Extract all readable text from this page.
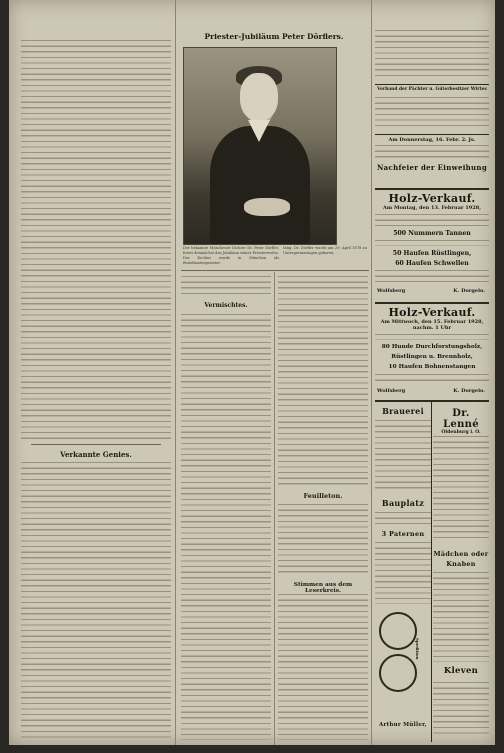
Verkannte Genies.
Priester-Jubiläum Peter Dörflers.
Der bekannte Münchener Dichter Dr. Peter Dörfler, feiert demnächst das Jubiläum seiner Priesterweihe. Der Dichter wurde in München als Benefiziatenpriester
tätig. Dr. Dörfler wurde am 29. April 1878 zu Untergermaringen geboren.
Vermischtes.
Feuilleton.
Stimmen aus dem Leserkreis.
Verband der Pächter u. Güterbesitzer Wirtes
Am Donnerstag, 16. Febr. 2. Js.
Nachfeier der Einweihung
Holz-Verkauf.
Am Montag, den 13. Februar 1928,
500 Nummern Tannen
50 Haufen Rüstlingen,
60 Haufen Schwellen
Wolfsberg	K. Dorgelo.
Holz-Verkauf.
Am Mittwoch, den 15. Februar 1928,
nachm. 1 Uhr
80 Hunde Durchforstungsholz,
Rüstlingen u. Brennholz,
10 Haufen Bohnenstangen
Wolfsberg	K. Dorgelo.
Brauerei
Bauplatz
3 Paternen
Spedition
Arthur Müller,
Dr. Lenné
Oldenburg i. O.
Mädchen oder
Knaben
Kleven
